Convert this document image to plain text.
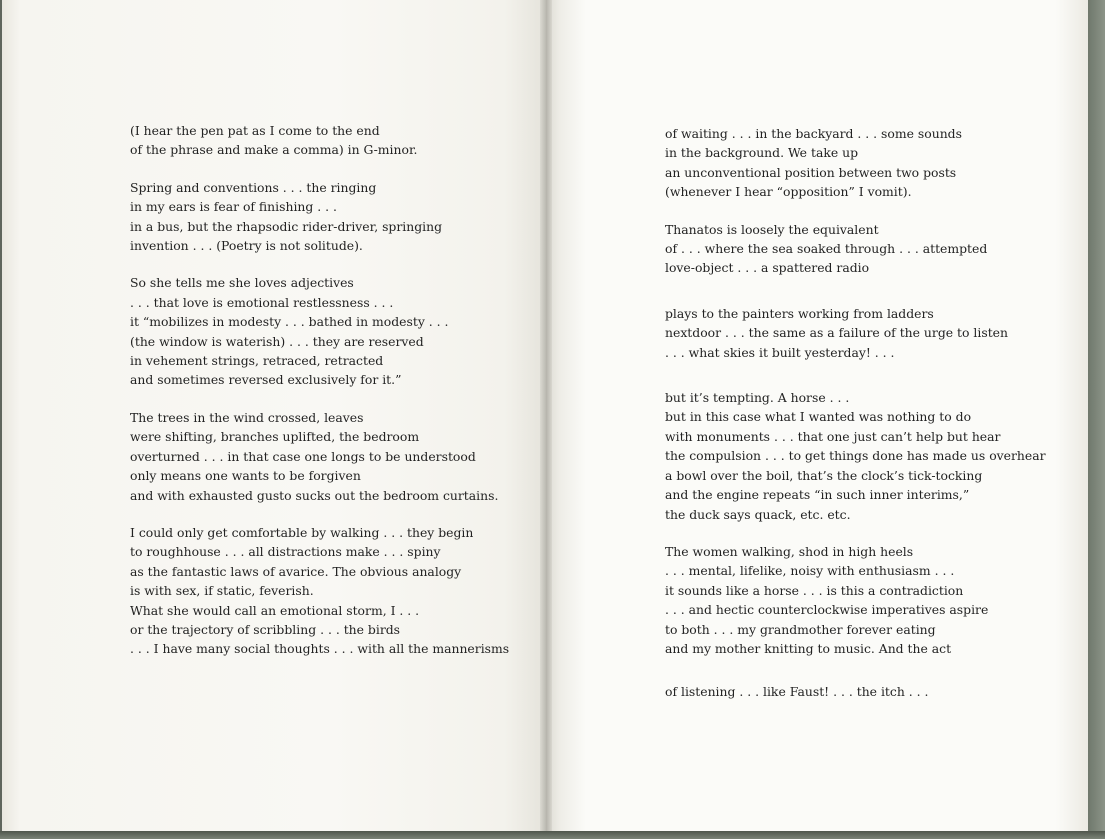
(I hear the pen pat as I come to the end
of the phrase and make a comma) in G-minor.
Spring and conventions . . . the ringing
in my ears is fear of finishing . . .
in a bus, but the rhapsodic rider-driver, springing
invention . . . (Poetry is not solitude).
So she tells me she loves adjectives
. . . that love is emotional restlessness . . .
it “mobilizes in modesty . . . bathed in modesty . . .
(the window is waterish) . . . they are reserved
in vehement strings, retraced, retracted
and sometimes reversed exclusively for it.”
The trees in the wind crossed, leaves
were shifting, branches uplifted, the bedroom
overturned . . . in that case one longs to be understood
only means one wants to be forgiven
and with exhausted gusto sucks out the bedroom curtains.
I could only get comfortable by walking . . . they begin
to roughhouse . . . all distractions make . . . spiny
as the fantastic laws of avarice. The obvious analogy
is with sex, if static, feverish.
What she would call an emotional storm, I . . .
or the trajectory of scribbling . . . the birds
. . . I have many social thoughts . . . with all the mannerisms
of waiting . . . in the backyard . . . some sounds
in the background. We take up
an unconventional position between two posts
(whenever I hear “opposition” I vomit).
Thanatos is loosely the equivalent
of . . . where the sea soaked through . . . attempted
love-object . . . a spattered radio
plays to the painters working from ladders
nextdoor . . . the same as a failure of the urge to listen
. . . what skies it built yesterday! . . .
but it’s tempting. A horse . . .
but in this case what I wanted was nothing to do
with monuments . . . that one just can’t help but hear
the compulsion . . . to get things done has made us overhear
a bowl over the boil, that’s the clock’s tick-tocking
and the engine repeats “in such inner interims,”
the duck says quack, etc. etc.
The women walking, shod in high heels
. . . mental, lifelike, noisy with enthusiasm . . .
it sounds like a horse . . . is this a contradiction
. . . and hectic counterclockwise imperatives aspire
to both . . . my grandmother forever eating
and my mother knitting to music. And the act
of listening . . . like Faust! . . . the itch . . .
